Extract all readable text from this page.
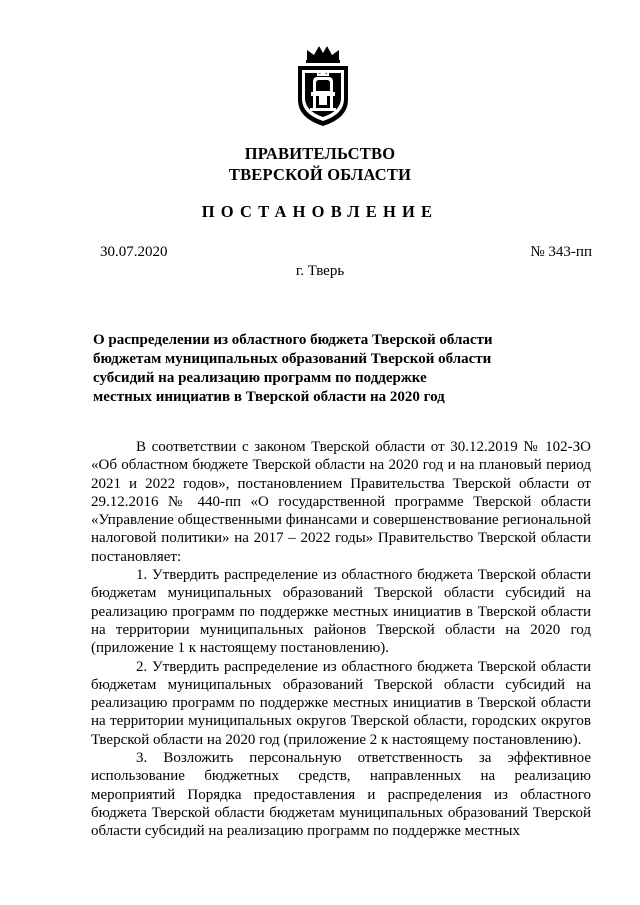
ПРАВИТЕЛЬСТВО
ТВЕРСКОЙ ОБЛАСТИ
ПОСТАНОВЛЕНИЕ
30.07.2020	№ 343-пп
г. Тверь
О распределении из областного бюджета Тверской области
бюджетам муниципальных образований Тверской области
субсидий на реализацию программ по поддержке
местных инициатив в Тверской области на 2020 год

В соответствии с законом Тверской области от 30.12.2019 № 102-ЗО «Об областном бюджете Тверской области на 2020 год и на плановый период 2021 и 2022 годов», постановлением Правительства Тверской области от 29.12.2016 № 440-пп «О государственной программе Тверской области «Управление общественными финансами и совершенствование региональной налоговой политики» на 2017 – 2022 годы» Правительство Тверской области постановляет:

1. Утвердить распределение из областного бюджета Тверской области бюджетам муниципальных образований Тверской области субсидий на реализацию программ по поддержке местных инициатив в Тверской области на территории муниципальных районов Тверской области на 2020 год (приложение 1 к настоящему постановлению).

2. Утвердить распределение из областного бюджета Тверской области бюджетам муниципальных образований Тверской области субсидий на реализацию программ по поддержке местных инициатив в Тверской области на территории муниципальных округов Тверской области, городских округов Тверской области на 2020 год (приложение 2 к настоящему постановлению).

3. Возложить персональную ответственность за эффективное использование бюджетных средств, направленных на реализацию мероприятий Порядка предоставления и распределения из областного бюджета Тверской области бюджетам муниципальных образований Тверской области субсидий на реализацию программ по поддержке местных
